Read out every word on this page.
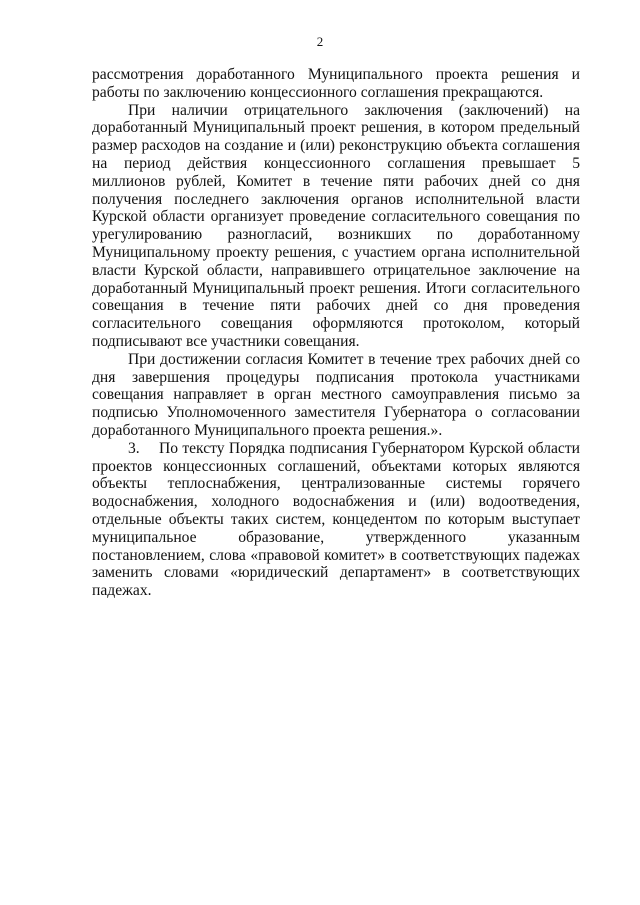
2

рассмотрения доработанного Муниципального проекта решения и работы по заключению концессионного соглашения прекращаются.

При наличии отрицательного заключения (заключений) на доработанный Муниципальный проект решения, в котором предельный размер расходов на создание и (или) реконструкцию объекта соглашения на период действия концессионного соглашения превышает 5 миллионов рублей, Комитет в течение пяти рабочих дней со дня получения последнего заключения органов исполнительной власти Курской области организует проведение согласительного совещания по урегулированию разногласий, возникших по доработанному Муниципальному проекту решения, с участием органа исполнительной власти Курской области, направившего отрицательное заключение на доработанный Муниципальный проект решения. Итоги согласительного совещания в течение пяти рабочих дней со дня проведения согласительного совещания оформляются протоколом, который подписывают все участники совещания.

При достижении согласия Комитет в течение трех рабочих дней со дня завершения процедуры подписания протокола участниками совещания направляет в орган местного самоуправления письмо за подписью Уполномоченного заместителя Губернатора о согласовании доработанного Муниципального проекта решения.».

3. По тексту Порядка подписания Губернатором Курской области проектов концессионных соглашений, объектами которых являются объекты теплоснабжения, централизованные системы горячего водоснабжения, холодного водоснабжения и (или) водоотведения, отдельные объекты таких систем, концедентом по которым выступает муниципальное образование, утвержденного указанным постановлением, слова «правовой комитет» в соответствующих падежах заменить словами «юридический департамент» в соответствующих падежах.
